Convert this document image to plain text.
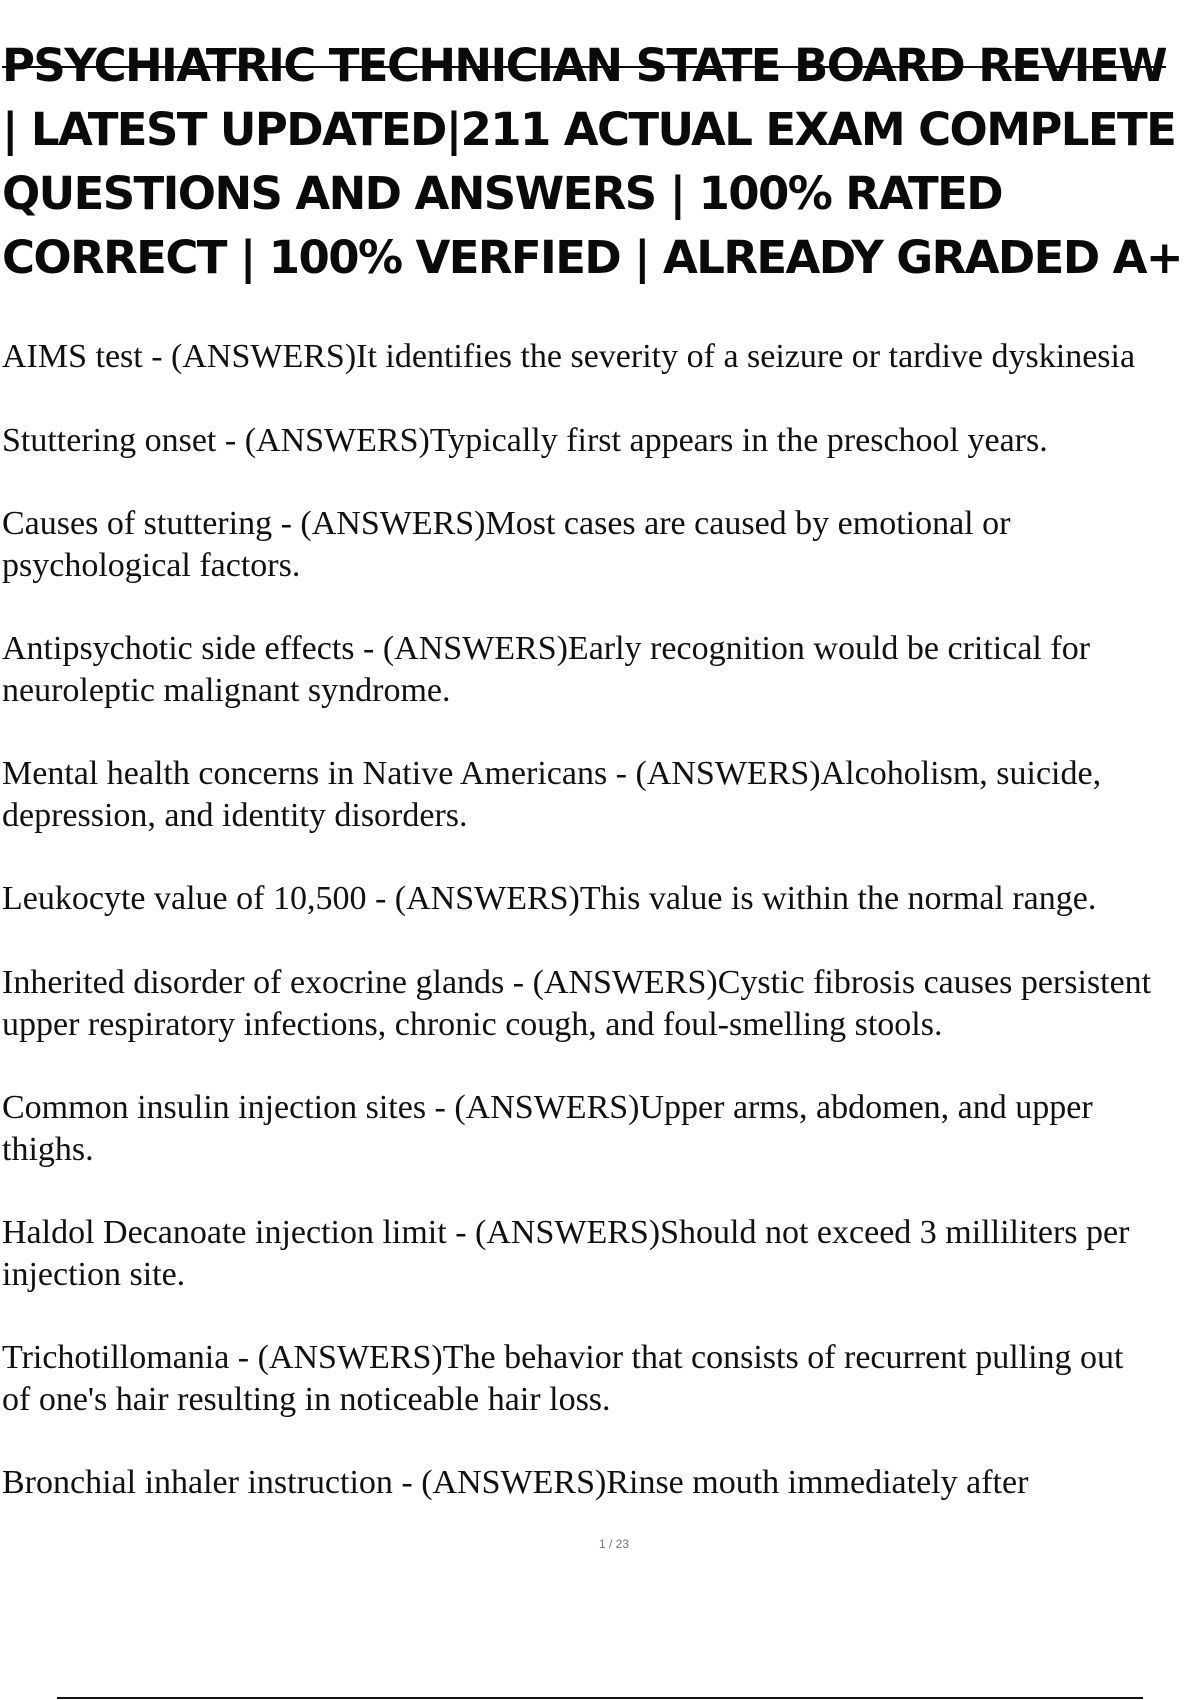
PSYCHIATRIC TECHNICIAN STATE BOARD REVIEW
| LATEST UPDATED|211 ACTUAL EXAM COMPLETE
QUESTIONS AND ANSWERS | 100% RATED
CORRECT | 100% VERFIED | ALREADY GRADED A+
AIMS test - (ANSWERS)It identifies the severity of a seizure or tardive dyskinesia
Stuttering onset - (ANSWERS)Typically first appears in the preschool years.
Causes of stuttering - (ANSWERS)Most cases are caused by emotional or
psychological factors.
Antipsychotic side effects - (ANSWERS)Early recognition would be critical for
neuroleptic malignant syndrome.
Mental health concerns in Native Americans - (ANSWERS)Alcoholism, suicide,
depression, and identity disorders.
Leukocyte value of 10,500 - (ANSWERS)This value is within the normal range.
Inherited disorder of exocrine glands - (ANSWERS)Cystic fibrosis causes persistent
upper respiratory infections, chronic cough, and foul-smelling stools.
Common insulin injection sites - (ANSWERS)Upper arms, abdomen, and upper
thighs.
Haldol Decanoate injection limit - (ANSWERS)Should not exceed 3 milliliters per
injection site.
Trichotillomania - (ANSWERS)The behavior that consists of recurrent pulling out
of one's hair resulting in noticeable hair loss.
Bronchial inhaler instruction - (ANSWERS)Rinse mouth immediately after
1 / 23
